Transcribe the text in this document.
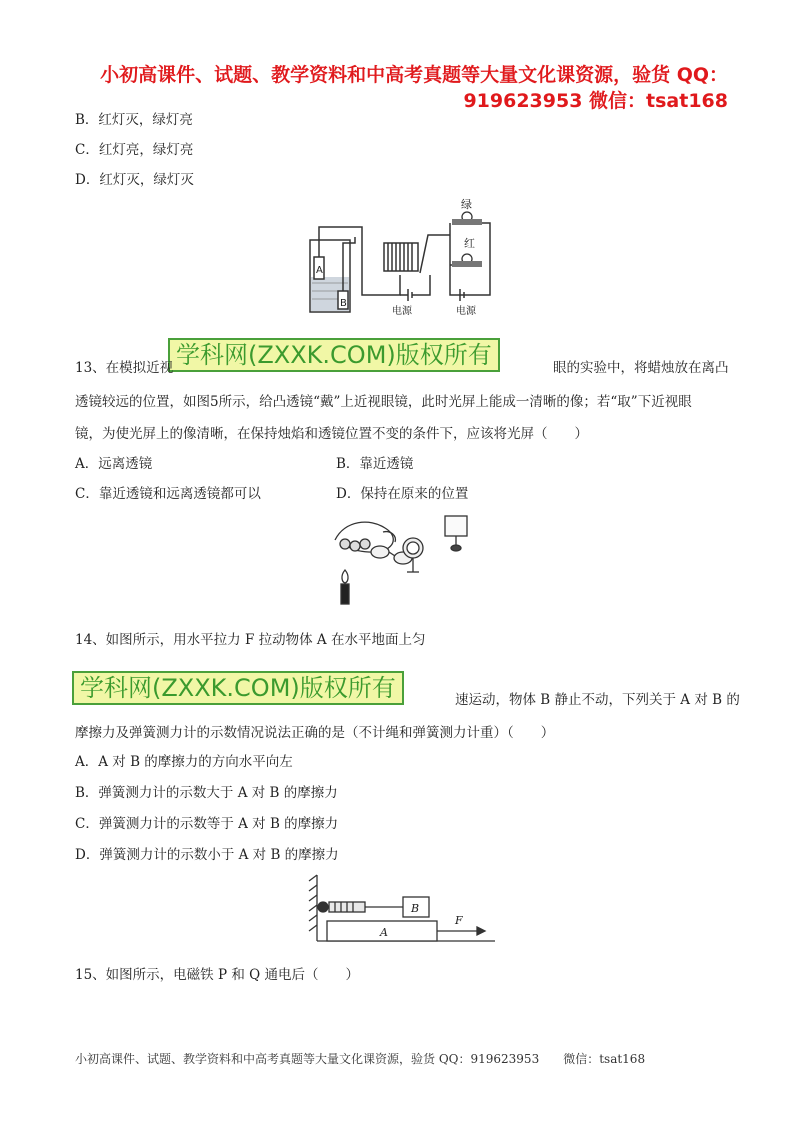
小初高课件、试题、教学资料和中高考真题等大量文化课资源，验货 QQ：
919623953 微信：tsat168
B．红灯灭，绿灯亮
C．红灯亮，绿灯亮
D．红灯灭，绿灯灭
绿
红
A
B
电源	电源
学科网(ZXXK.COM)版权所有
13、在模拟近视	眼的实验中，将蜡烛放在离凸
透镜较远的位置，如图5所示，给凸透镜“戴”上近视眼镜，此时光屏上能成一清晰的像；若“取”下近视眼
镜，为使光屏上的像清晰，在保持烛焰和透镜位置不变的条件下，应该将光屏（　　）
A．远离透镜	B．靠近透镜
C．靠近透镜和远离透镜都可以	D．保持在原来的位置
14、如图所示，用水平拉力 F 拉动物体 A 在水平地面上匀
学科网(ZXXK.COM)版权所有	速运动，物体 B 静止不动，下列关于 A 对 B 的
摩擦力及弹簧测力计的示数情况说法正确的是（不计绳和弹簧测力计重）（　　）
A．A 对 B 的摩擦力的方向水平向左
B．弹簧测力计的示数大于 A 对 B 的摩擦力
C．弹簧测力计的示数等于 A 对 B 的摩擦力
D．弹簧测力计的示数小于 A 对 B 的摩擦力
B
A
F
15、如图所示，电磁铁 P 和 Q 通电后（　　）
小初高课件、试题、教学资料和中高考真题等大量文化课资源，验货 QQ：919623953 微信：tsat168
